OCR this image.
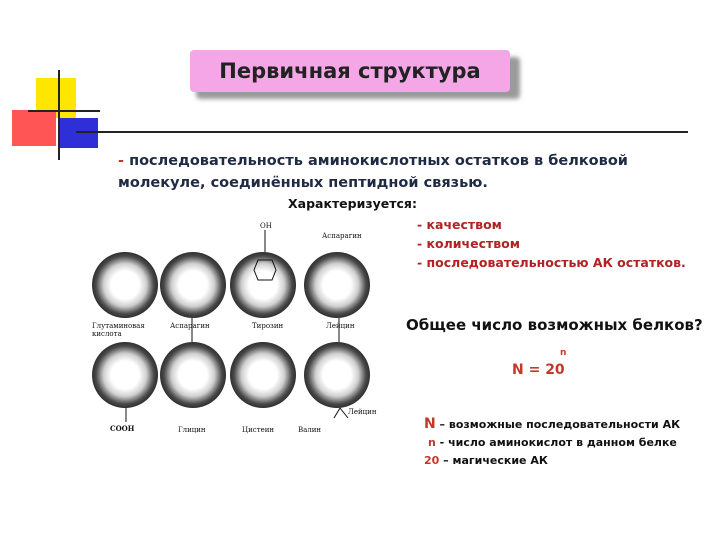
Первичная структура
- последовательность аминокислотных остатков в белковой молекуле, соединённых пептидной связью.
Характеризуется:
- качеством
- количеством
- последовательностью АК остатков.
Общее число возможных белков?
N = 20
n
N – возможные последовательности АК
n - число аминокислот в данном белке
20 – магические АК
OH
Аспарагин
Глутаминовая кислота
Аспарагин	Тирозин	Лейцин
COOH	Глицин	Цистеин	Валин
Лейцин
